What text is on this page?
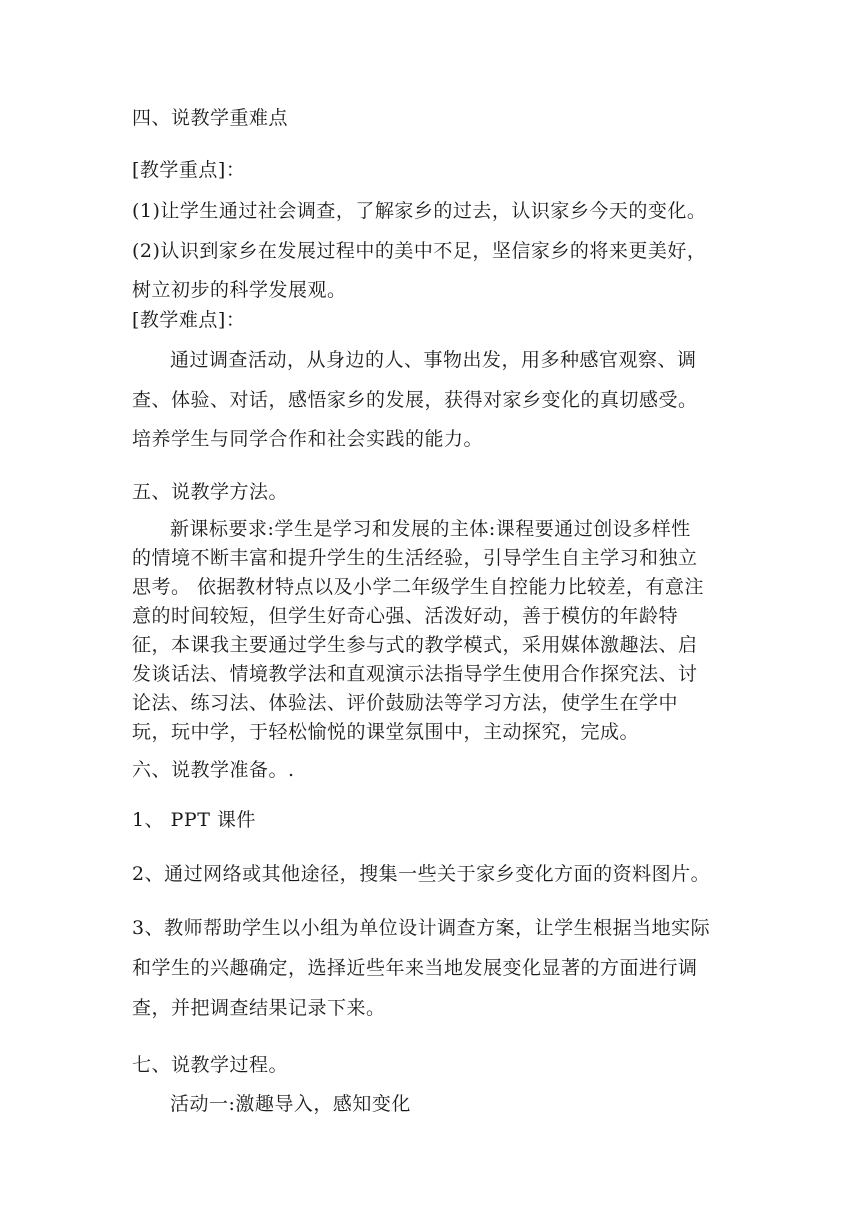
四、说教学重难点
[教学重点]：
(1)让学生通过社会调查，了解家乡的过去，认识家乡今天的变化。
(2)认识到家乡在发展过程中的美中不足，坚信家乡的将来更美好，
树立初步的科学发展观。
[教学难点]：
通过调查活动，从身边的人、事物出发，用多种感官观察、调
查、体验、对话，感悟家乡的发展，获得对家乡变化的真切感受。
培养学生与同学合作和社会实践的能力。
五、说教学方法。
新课标要求:学生是学习和发展的主体:课程要通过创设多样性
的情境不断丰富和提升学生的生活经验，引导学生自主学习和独立
思考。 依据教材特点以及小学二年级学生自控能力比较差，有意注
意的时间较短，但学生好奇心强、活泼好动，善于模仿的年龄特
征，本课我主要通过学生参与式的教学模式，采用媒体激趣法、启
发谈话法、情境教学法和直观演示法指导学生使用合作探究法、讨
论法、练习法、体验法、评价鼓励法等学习方法，使学生在学中
玩，玩中学，于轻松愉悦的课堂氛围中，主动探究，完成。
六、说教学准备。.
1、 PPT 课件
2、通过网络或其他途径，搜集一些关于家乡变化方面的资料图片。
3、教师帮助学生以小组为单位设计调查方案，让学生根据当地实际
和学生的兴趣确定，选择近些年来当地发展变化显著的方面进行调
查，并把调查结果记录下来。
七、说教学过程。
活动一:激趣导入，感知变化
